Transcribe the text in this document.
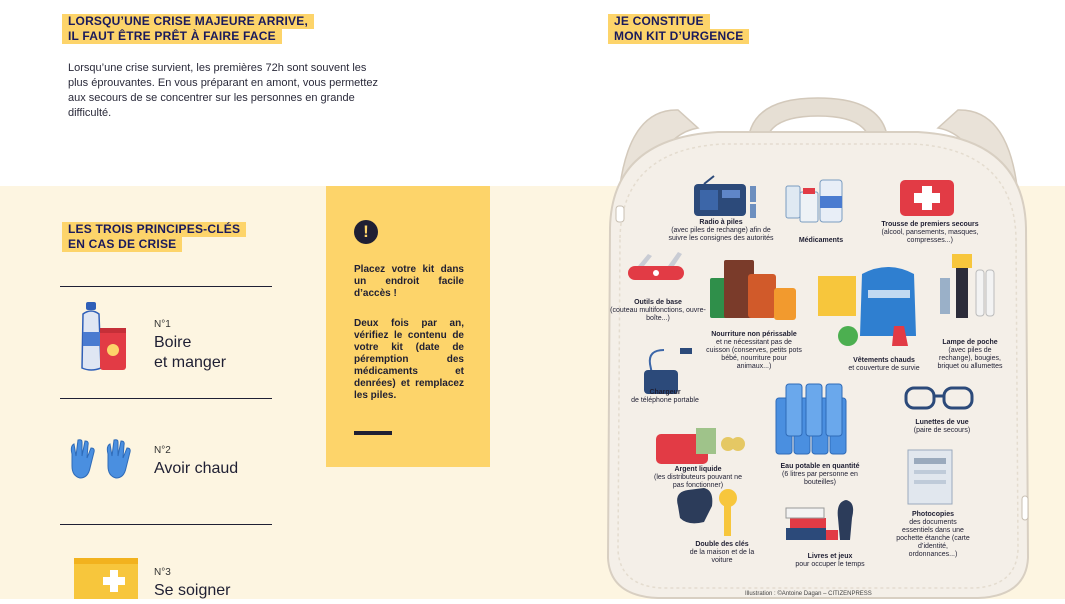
LORSQU’UNE CRISE MAJEURE ARRIVE,
IL FAUT ÊTRE PRÊT À FAIRE FACE
Lorsqu’une crise survient, les premières 72h sont souvent les plus éprouvantes. En vous préparant en amont, vous permettez aux secours de se concentrer sur les personnes en grande difficulté.
LES TROIS PRINCIPES-CLÉS
EN CAS DE CRISE
N°1
Boire
et manger
N°2
Avoir chaud
N°3
Se soigner
!
Placez votre kit dans un endroit facile d’accès !
Deux fois par an, vérifiez le contenu de votre kit (date de péremption des médicaments et denrées) et remplacez les piles.
JE CONSTITUE
MON KIT D’URGENCE
Radio à piles
(avec piles de rechange) afin de suivre les consignes des autorités	Médicaments
Trousse de premiers secours
(alcool, pansements, masques, compresses...)
Outils de base
(couteau multifonctions, ouvre-boîte...)
Nourriture non périssable
et ne nécessitant pas de cuisson (conserves, petits pots bébé, nourriture pour animaux...)
Vêtements chauds
et couverture de survie
Lampe de poche
(avec piles de rechange), bougies, briquet ou allumettes
Chargeur
de téléphone portable
Lunettes de vue
(paire de secours)
Argent liquide
(les distributeurs pouvant ne pas fonctionner)
Eau potable en quantité
(6 litres par personne en bouteilles)
Photocopies
des documents essentiels dans une pochette étanche (carte d’identité, ordonnances...)
Double des clés
de la maison et de la voiture
Livres et jeux
pour occuper le temps
Illustration : ©Antoine Dagan – CITIZENPRESS
